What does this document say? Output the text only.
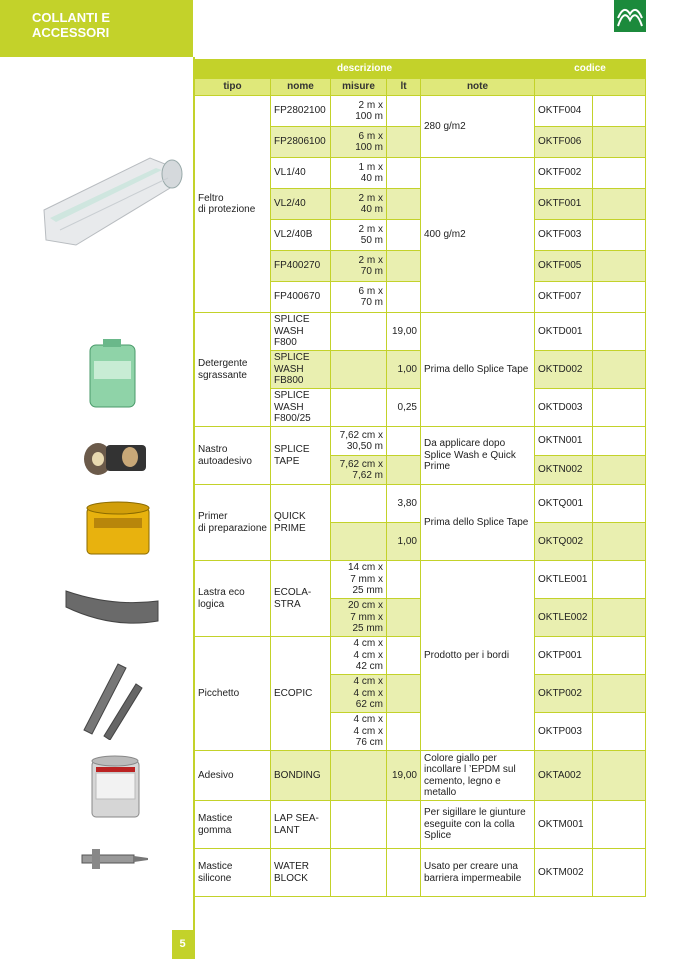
COLLANTI E
ACCESSORI
descrizione					codice	
tipo	nome	misure	lt	note		
Feltro
di protezione	FP2802100	2 m x
100 m		280 g/m2	OKTF004	
	FP2806100	6 m x
100 m			OKTF006	
	VL1/40	1 m x
40 m		400 g/m2	OKTF002	
	VL2/40	2 m x
40 m			OKTF001	
	VL2/40B	2 m x
50 m			OKTF003	
	FP400270	2 m x
70 m			OKTF005	
	FP400670	6 m x
70 m			OKTF007	
Detergente
sgrassante	SPLICE
WASH
F800		19,00	Prima dello Splice Tape	OKTD001	
	SPLICE
WASH
FB800		1,00		OKTD002	
	SPLICE
WASH
F800/25		0,25		OKTD003	
Nastro
autoadesivo	SPLICE
TAPE	7,62 cm x
30,50 m		Da applicare dopo
Splice Wash e Quick
Prime	OKTN001	
		7,62 cm x
7,62 m			OKTN002	
Primer
di preparazione	QUICK
PRIME		3,80	Prima dello Splice Tape	OKTQ001	
			1,00		OKTQ002	
Lastra eco
logica	ECOLA-
STRA	14 cm x
7 mm x
25 mm		Prodotto per i bordi	OKTLE001	
		20 cm x
7 mm x
25 mm			OKTLE002	
Picchetto	ECOPIC	4 cm x
4 cm x
42 cm			OKTP001	
		4 cm x
4 cm x
62 cm			OKTP002	
		4 cm x
4 cm x
76 cm			OKTP003	
Adesivo	BONDING		19,00	Colore giallo per
incollare l ’EPDM sul
cemento, legno e
metallo	OKTA002	
Mastice
gomma	LAP SEA-
LANT			Per sigillare le giunture
eseguite con la colla
Splice	OKTM001	
Mastice
silicone	WATER
BLOCK			Usato per creare una
barriera impermeabile	OKTM002	
5
